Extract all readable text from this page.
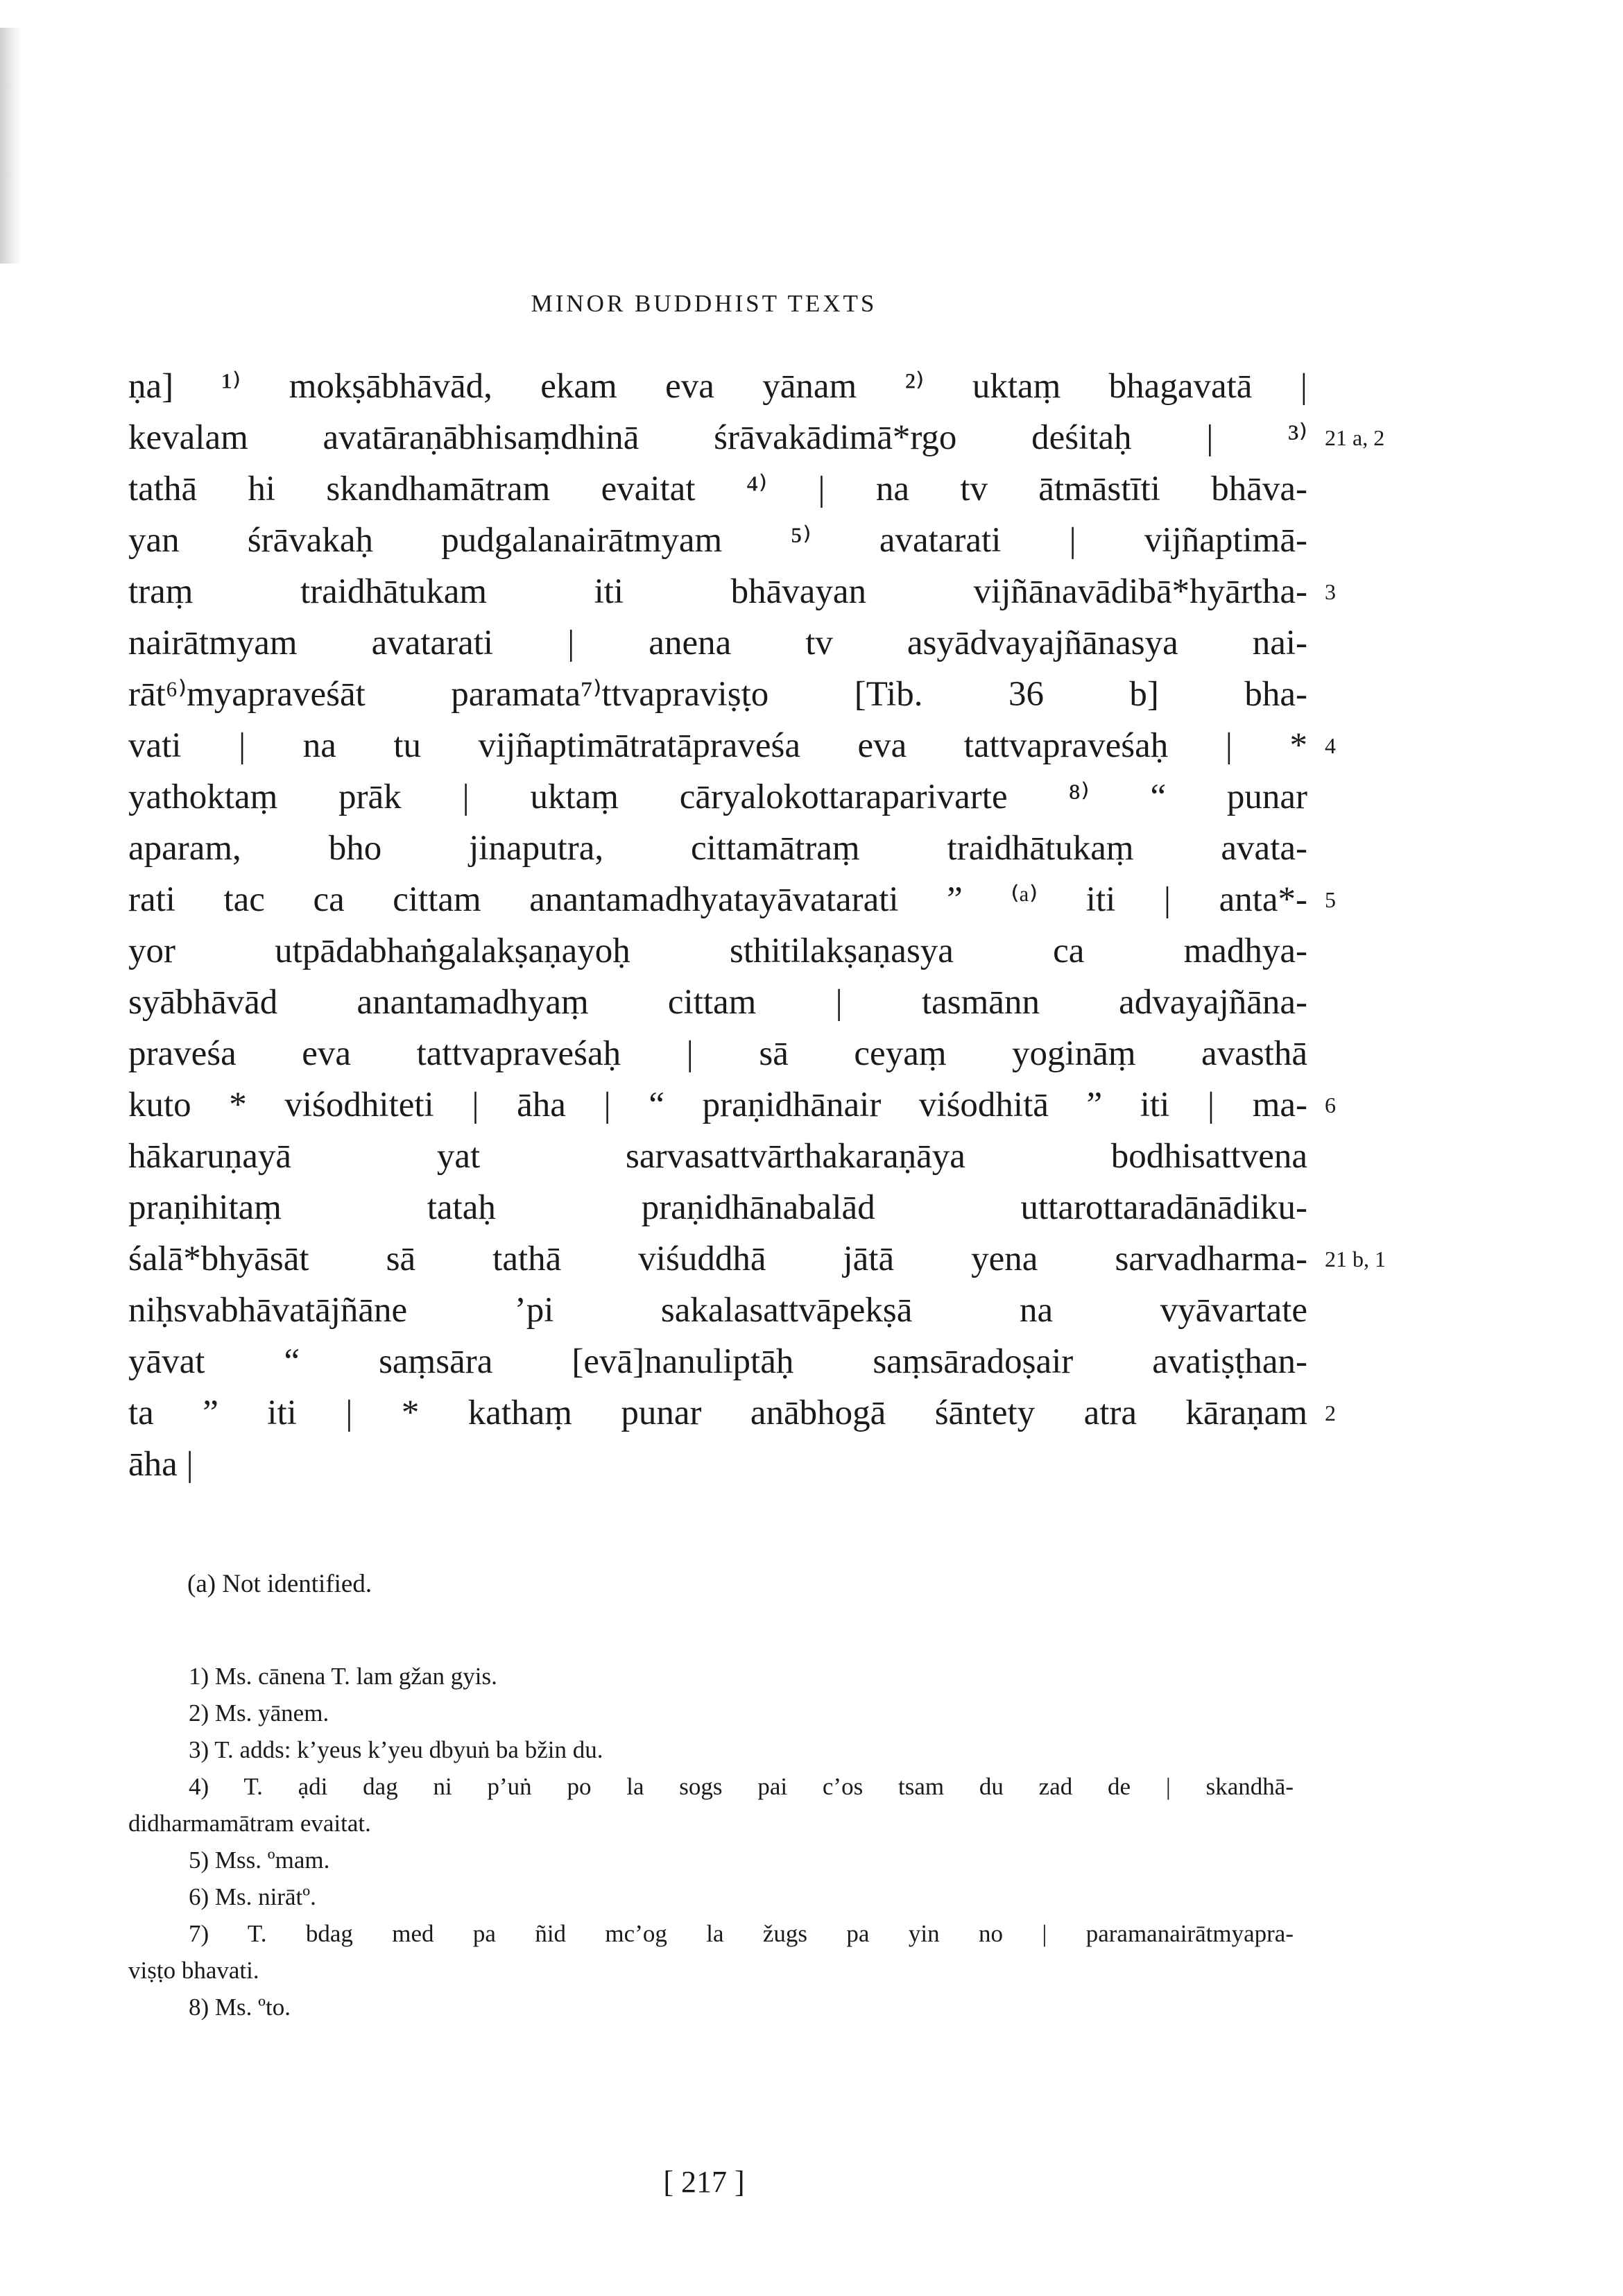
MINOR BUDDHIST TEXTS
ṇa] ¹⁾ mokṣābhāvād, ekam eva yānam ²⁾ uktaṃ bhagavatā |
kevalam avatāraṇābhisaṃdhinā śrāvakādimā*rgo deśitaḥ | ³⁾ 21 a, 2
tathā hi skandhamātram evaitat ⁴⁾ | na tv ātmāstīti bhāva-
yan śrāvakaḥ pudgalanairātmyam ⁵⁾ avatarati | vijñaptimā-
traṃ traidhātukam iti bhāvayan vijñānavādibā*hyārtha- 3
nairātmyam avatarati | anena tv asyādvayajñānasya nai-
rāt⁶⁾myapraveśāt paramata⁷⁾ttvapraviṣṭo [Tib. 36 b] bha-
vati | na tu vijñaptimātratāpraveśa eva tattvapraveśaḥ | * 4
yathoktaṃ prāk | uktaṃ cāryalokottaraparivarte ⁸⁾ “ punar
aparam, bho jinaputra, cittamātraṃ traidhātukaṃ avata-
rati tac ca cittam anantamadhyatayāvatarati ” ⁽ᵃ⁾ iti | anta*- 5
yor utpādabhaṅgalakṣaṇayoḥ sthitilakṣaṇasya ca madhya-
syābhāvād anantamadhyaṃ cittam | tasmānn advayajñāna-
praveśa eva tattvapraveśaḥ | sā ceyaṃ yogināṃ avasthā
kuto * viśodhiteti | āha | “ praṇidhānair viśodhitā ” iti | ma- 6
hākaruṇayā yat sarvasattvārthakaraṇāya bodhisattvena
praṇihitaṃ tataḥ praṇidhānabalād uttarottaradānādiku-
śalā*bhyāsāt sā tathā viśuddhā jātā yena sarvadharma- 21 b, 1
niḥsvabhāvatājñāne ’pi sakalasattvāpekṣā na vyāvartate
yāvat “ saṃsāra [evā]nanuliptāḥ saṃsāradoṣair avatiṣṭhan-
ta ” iti | * kathaṃ punar anābhogā śāntety atra kāraṇam 2
āha |
(a) Not identified.
1) Ms. cānena T. lam gžan gyis.
2) Ms. yānem.
3) T. adds: k’yeus k’yeu dbyuṅ ba bžin du.
4) T. ạdi dag ni p’uṅ po la sogs pai c’os tsam du zad de | skandhā-
didharmamātram evaitat.
5) Mss. ºmam.
6) Ms. nirātº.
7) T. bdag med pa ñid mc’og la žugs pa yin no | paramanairātmyapra-
viṣṭo bhavati.
8) Ms. ºto.
[ 217 ]
